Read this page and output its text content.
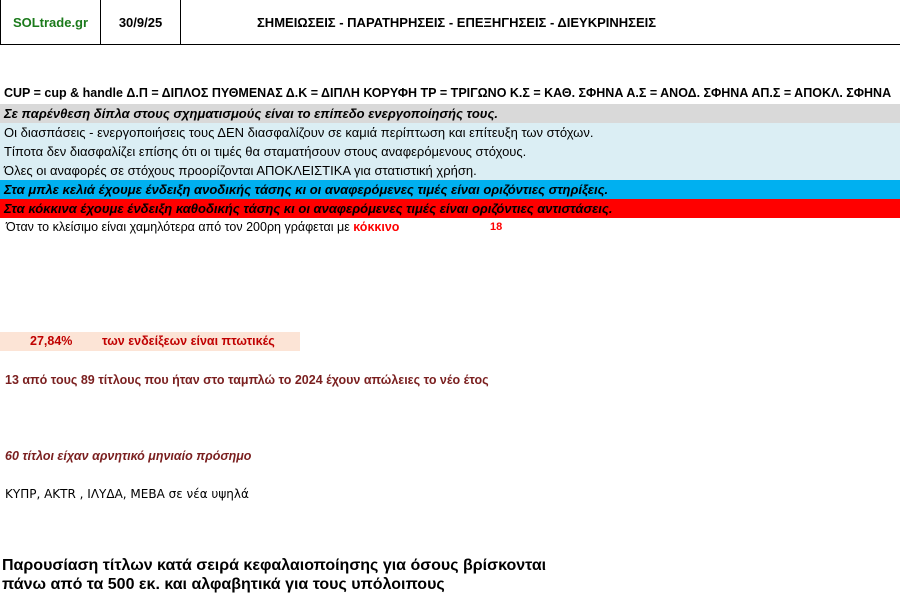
SOLtrade.gr 30/9/25	ΣΗΜΕΙΩΣΕΙΣ - ΠΑΡΑΤΗΡΗΣΕΙΣ - ΕΠΕΞΗΓΗΣΕΙΣ - ΔΙΕΥΚΡΙΝΗΣΕΙΣ
CUP = cup & handle Δ.Π = ΔΙΠΛΟΣ ΠΥΘΜΕΝΑΣ Δ.Κ = ΔΙΠΛΗ ΚΟΡΥΦΗ ΤΡ = ΤΡΙΓΩΝΟ Κ.Σ = ΚΑΘ. ΣΦΗΝΑ Α.Σ = ΑΝΟΔ. ΣΦΗΝΑ ΑΠ.Σ = ΑΠΟΚΛ. ΣΦΗΝΑ
Σε παρένθεση δίπλα στους σχηματισμούς είναι το επίπεδο ενεργοποίησής τους.
Οι διασπάσεις - ενεργοποιήσεις τους ΔΕΝ διασφαλίζουν σε καμιά περίπτωση και επίτευξη των στόχων.
Τίποτα δεν διασφαλίζει επίσης ότι οι τιμές θα σταματήσουν στους αναφερόμενους στόχους.
Όλες οι αναφορές σε στόχους προορίζονται ΑΠΟΚΛΕΙΣΤΙΚΑ για στατιστική χρήση.
Στα μπλε κελιά έχουμε ένδειξη ανοδικής τάσης κι οι αναφερόμενες τιμές είναι οριζόντιες στηρίξεις.
Στα κόκκινα έχουμε ένδειξη καθοδικής τάσης κι οι αναφερόμενες τιμές είναι οριζόντιες αντιστάσεις.
Όταν το κλείσιμο είναι χαμηλότερα από τον 200ρη γράφεται με κόκκινο	18
27,84% των ενδείξεων είναι πτωτικές
13 από τους 89 τίτλους που ήταν στο ταμπλώ το 2024 έχουν απώλειες το νέο έτος
60 τίτλοι είχαν αρνητικό μηνιαίο πρόσημο
ΚΥΠΡ, ΑΚΤR , ΙΛΥΔΑ, ΜΕΒΑ σε νέα υψηλά
Παρουσίαση τίτλων κατά σειρά κεφαλαιοποίησης για όσους βρίσκονται
πάνω από τα 500 εκ. και αλφαβητικά για τους υπόλοιπους
